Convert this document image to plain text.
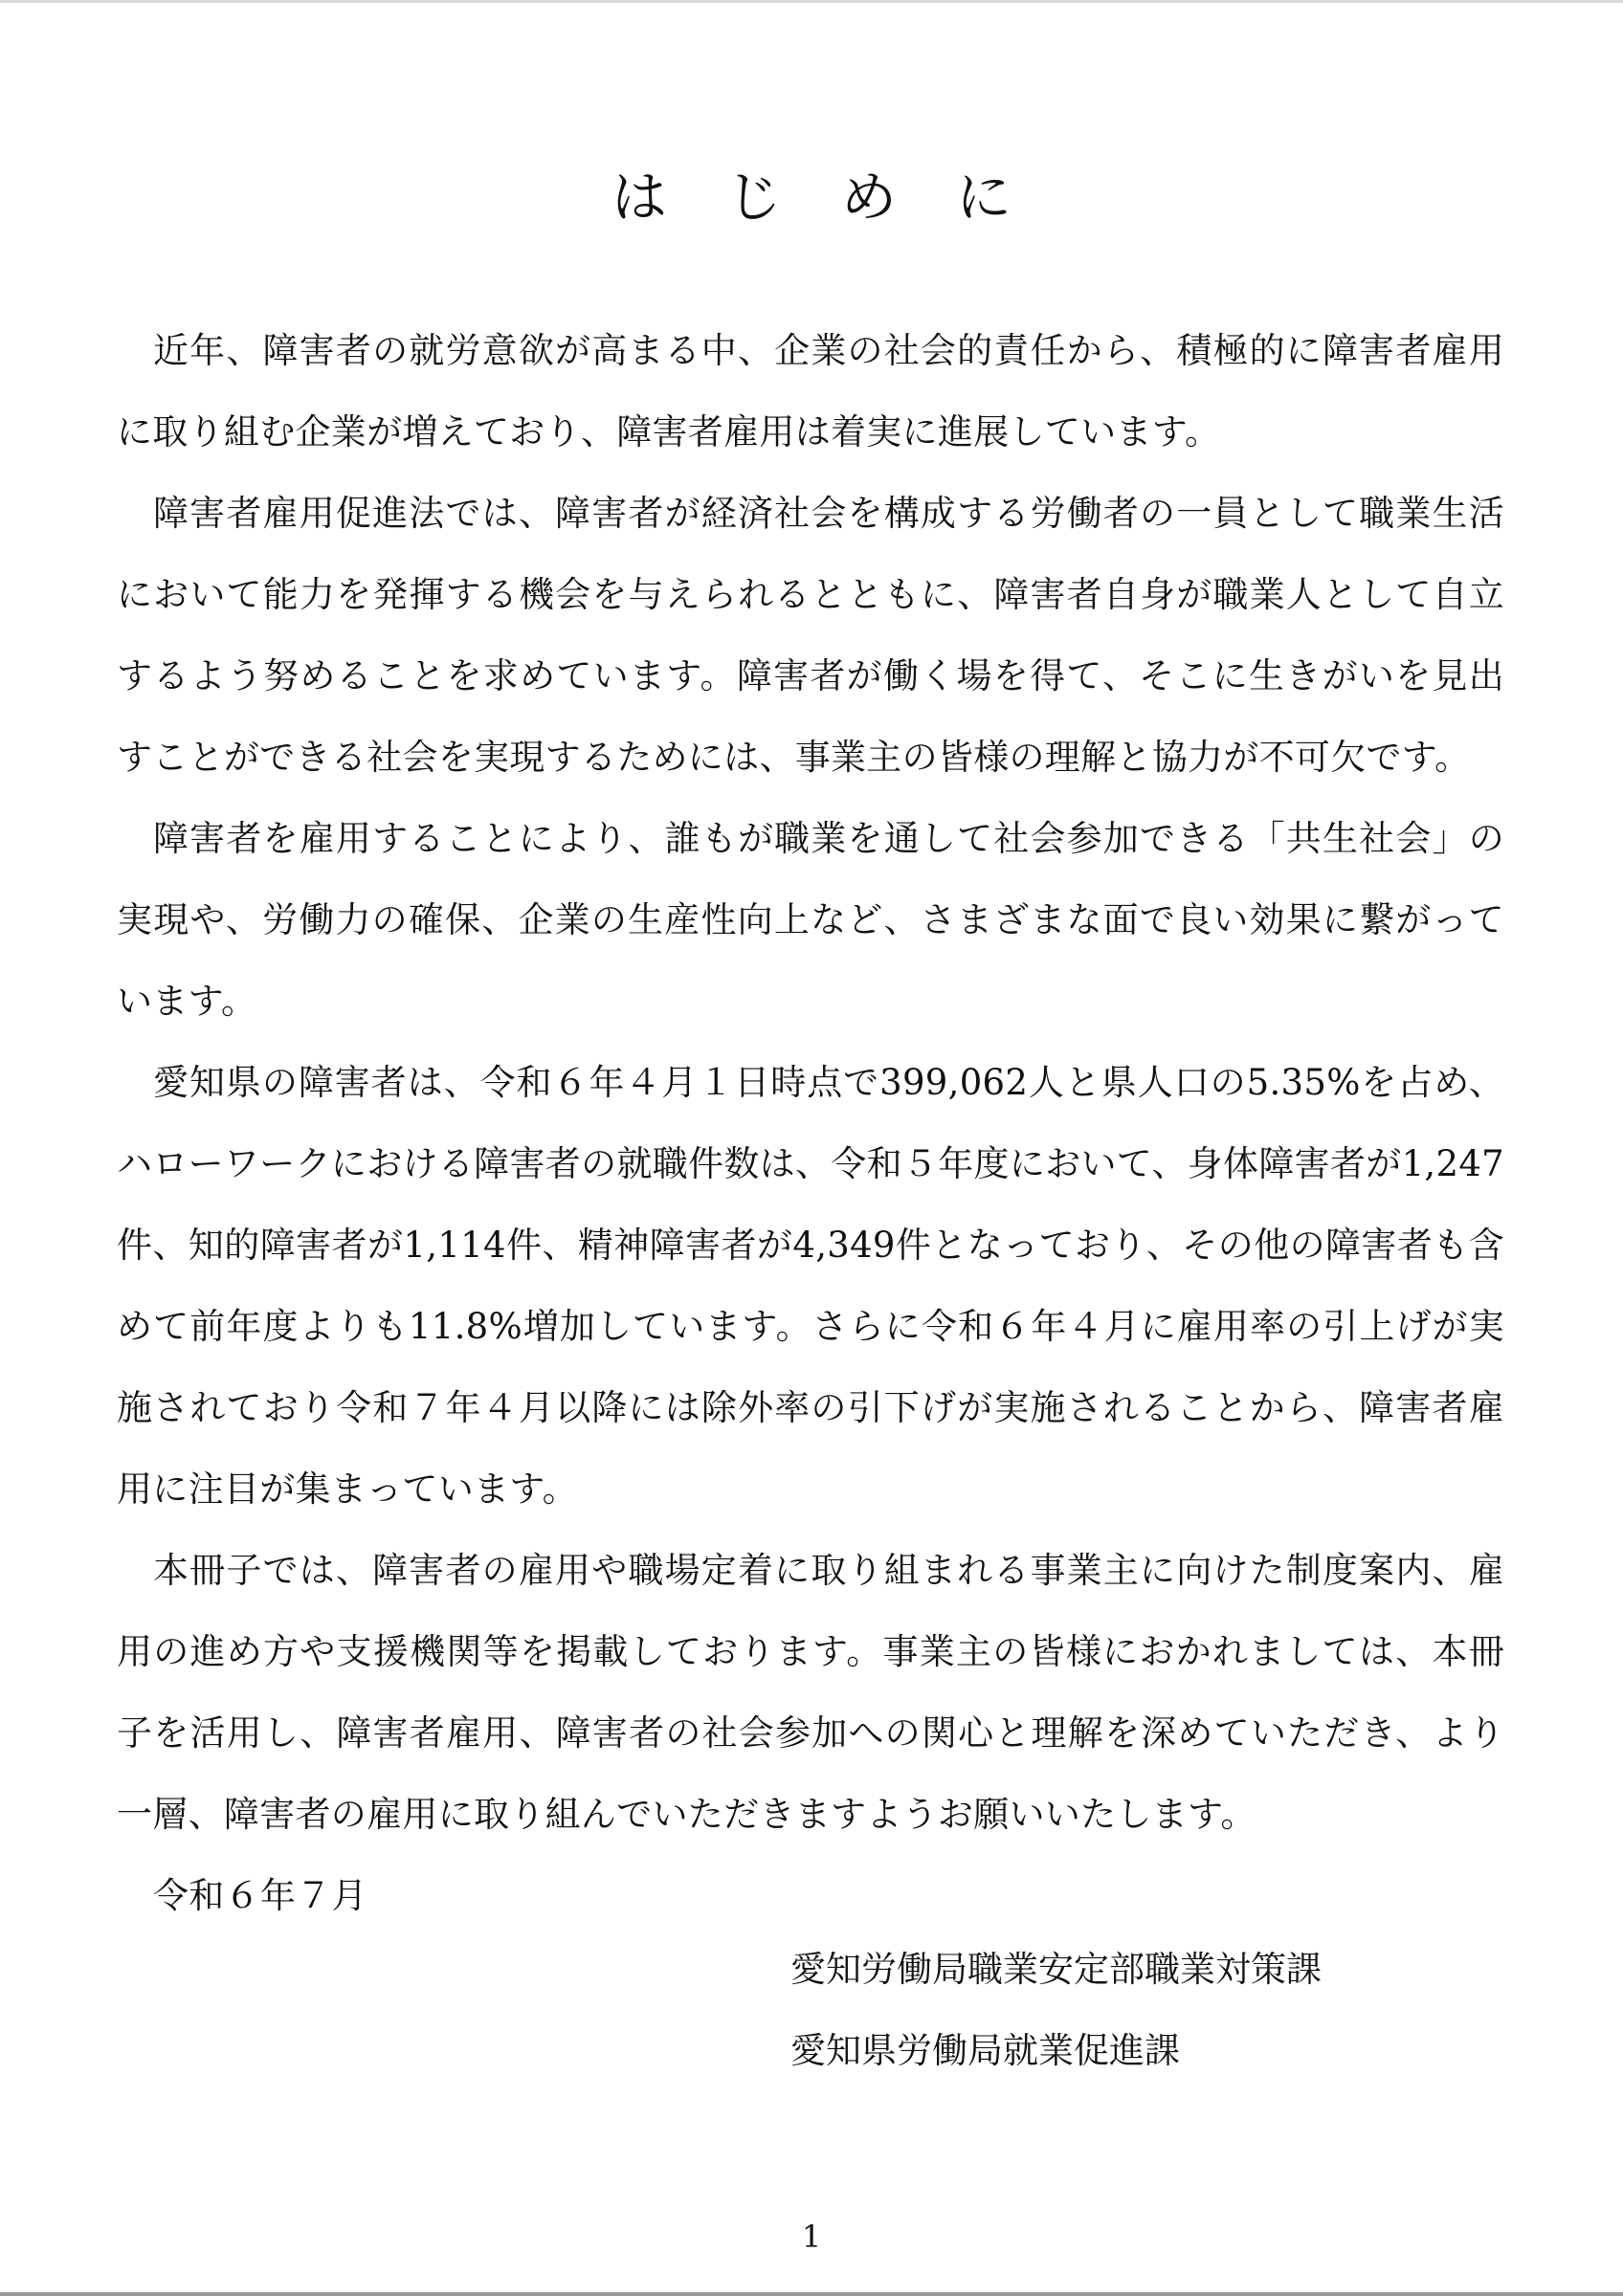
はじめに

近年、障害者の就労意欲が高まる中、企業の社会的責任から、積極的に障害者雇用に取り組む企業が増えており、障害者雇用は着実に進展しています。

障害者雇用促進法では、障害者が経済社会を構成する労働者の一員として職業生活において能力を発揮する機会を与えられるとともに、障害者自身が職業人として自立するよう努めることを求めています。障害者が働く場を得て、そこに生きがいを見出すことができる社会を実現するためには、事業主の皆様の理解と協力が不可欠です。

障害者を雇用することにより、誰もが職業を通して社会参加できる「共生社会」の実現や、労働力の確保、企業の生産性向上など、さまざまな面で良い効果に繋がっています。

愛知県の障害者は、令和６年４月１日時点で399,062人と県人口の5.35%を占め、ハローワークにおける障害者の就職件数は、令和５年度において、身体障害者が1,247件、知的障害者が1,114件、精神障害者が4,349件となっており、その他の障害者も含めて前年度よりも11.8%増加しています。さらに令和６年４月に雇用率の引上げが実施されており令和７年４月以降には除外率の引下げが実施されることから、障害者雇用に注目が集まっています。

本冊子では、障害者の雇用や職場定着に取り組まれる事業主に向けた制度案内、雇用の進め方や支援機関等を掲載しております。事業主の皆様におかれましては、本冊子を活用し、障害者雇用、障害者の社会参加への関心と理解を深めていただき、より一層、障害者の雇用に取り組んでいただきますようお願いいたします。

令和６年７月

愛知労働局職業安定部職業対策課
愛知県労働局就業促進課
1
